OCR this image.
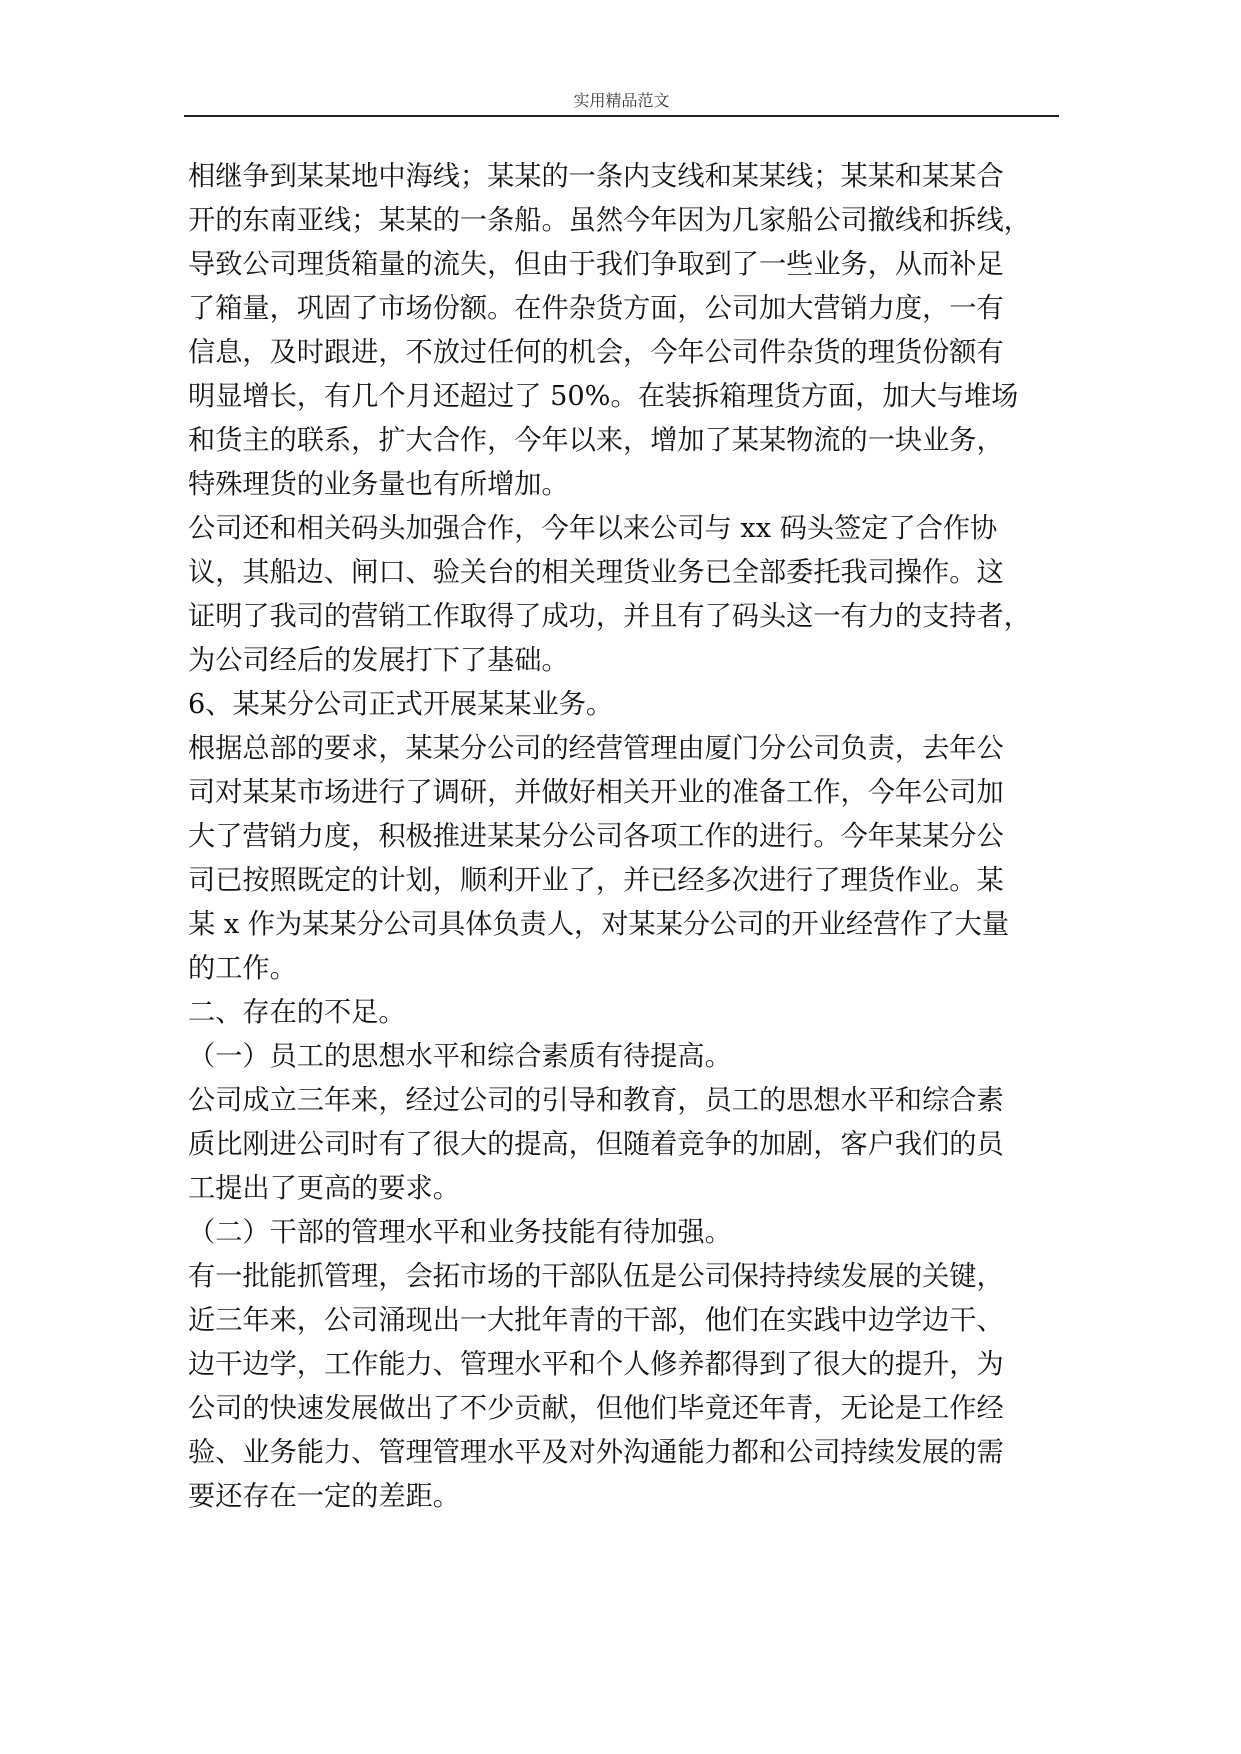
实用精品范文
相继争到某某地中海线；某某的一条内支线和某某线；某某和某某合
开的东南亚线；某某的一条船。虽然今年因为几家船公司撤线和拆线，
导致公司理货箱量的流失，但由于我们争取到了一些业务，从而补足
了箱量，巩固了市场份额。在件杂货方面，公司加大营销力度，一有
信息，及时跟进，不放过任何的机会，今年公司件杂货的理货份额有
明显增长，有几个月还超过了 50%。在装拆箱理货方面，加大与堆场
和货主的联系，扩大合作，今年以来，增加了某某物流的一块业务，
特殊理货的业务量也有所增加。
公司还和相关码头加强合作，今年以来公司与 xx 码头签定了合作协
议，其船边、闸口、验关台的相关理货业务已全部委托我司操作。这
证明了我司的营销工作取得了成功，并且有了码头这一有力的支持者，
为公司经后的发展打下了基础。
6、某某分公司正式开展某某业务。
根据总部的要求，某某分公司的经营管理由厦门分公司负责，去年公
司对某某市场进行了调研，并做好相关开业的准备工作，今年公司加
大了营销力度，积极推进某某分公司各项工作的进行。今年某某分公
司已按照既定的计划，顺利开业了，并已经多次进行了理货作业。某
某 x 作为某某分公司具体负责人，对某某分公司的开业经营作了大量
的工作。
二、存在的不足。
（一）员工的思想水平和综合素质有待提高。
公司成立三年来，经过公司的引导和教育，员工的思想水平和综合素
质比刚进公司时有了很大的提高，但随着竞争的加剧，客户我们的员
工提出了更高的要求。
（二）干部的管理水平和业务技能有待加强。
有一批能抓管理，会拓市场的干部队伍是公司保持持续发展的关键，
近三年来，公司涌现出一大批年青的干部，他们在实践中边学边干、
边干边学，工作能力、管理水平和个人修养都得到了很大的提升，为
公司的快速发展做出了不少贡献，但他们毕竟还年青，无论是工作经
验、业务能力、管理管理水平及对外沟通能力都和公司持续发展的需
要还存在一定的差距。
